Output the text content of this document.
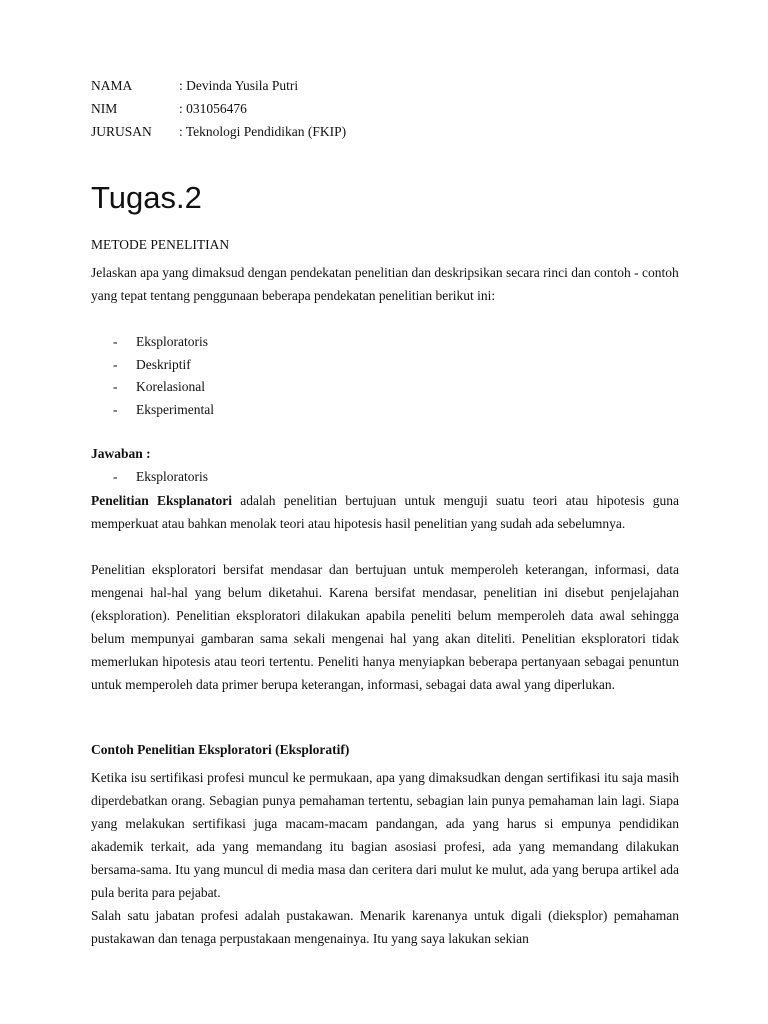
NAMA	: Devinda Yusila Putri
NIM	: 031056476
JURUSAN : Teknologi Pendidikan (FKIP)
Tugas.2
METODE PENELITIAN

Jelaskan apa yang dimaksud dengan pendekatan penelitian dan deskripsikan secara rinci dan contoh - contoh yang tepat tentang penggunaan beberapa pendekatan penelitian berikut ini:

- Eksploratoris
- Deskriptif
- Korelasional
- Eksperimental
Jawaban :
- Eksploratoris

Penelitian Eksplanatori adalah penelitian bertujuan untuk menguji suatu teori atau hipotesis guna memperkuat atau bahkan menolak teori atau hipotesis hasil penelitian yang sudah ada sebelumnya.

Penelitian eksploratori bersifat mendasar dan bertujuan untuk memperoleh keterangan, informasi, data mengenai hal-hal yang belum diketahui. Karena bersifat mendasar, penelitian ini disebut penjelajahan (eksploration). Penelitian eksploratori dilakukan apabila peneliti belum memperoleh data awal sehingga belum mempunyai gambaran sama sekali mengenai hal yang akan diteliti. Penelitian eksploratori tidak memerlukan hipotesis atau teori tertentu. Peneliti hanya menyiapkan beberapa pertanyaan sebagai penuntun untuk memperoleh data primer berupa keterangan, informasi, sebagai data awal yang diperlukan.

Contoh Penelitian Eksploratori (Eksploratif)

Ketika isu sertifikasi profesi muncul ke permukaan, apa yang dimaksudkan dengan sertifikasi itu saja masih diperdebatkan orang. Sebagian punya pemahaman tertentu, sebagian lain punya pemahaman lain lagi. Siapa yang melakukan sertifikasi juga macam-macam pandangan, ada yang harus si empunya pendidikan akademik terkait, ada yang memandang itu bagian asosiasi profesi, ada yang memandang dilakukan bersama-sama. Itu yang muncul di media masa dan ceritera dari mulut ke mulut, ada yang berupa artikel ada pula berita para pejabat.

Salah satu jabatan profesi adalah pustakawan. Menarik karenanya untuk digali (dieksplor) pemahaman pustakawan dan tenaga perpustakaan mengenainya. Itu yang saya lakukan sekian
